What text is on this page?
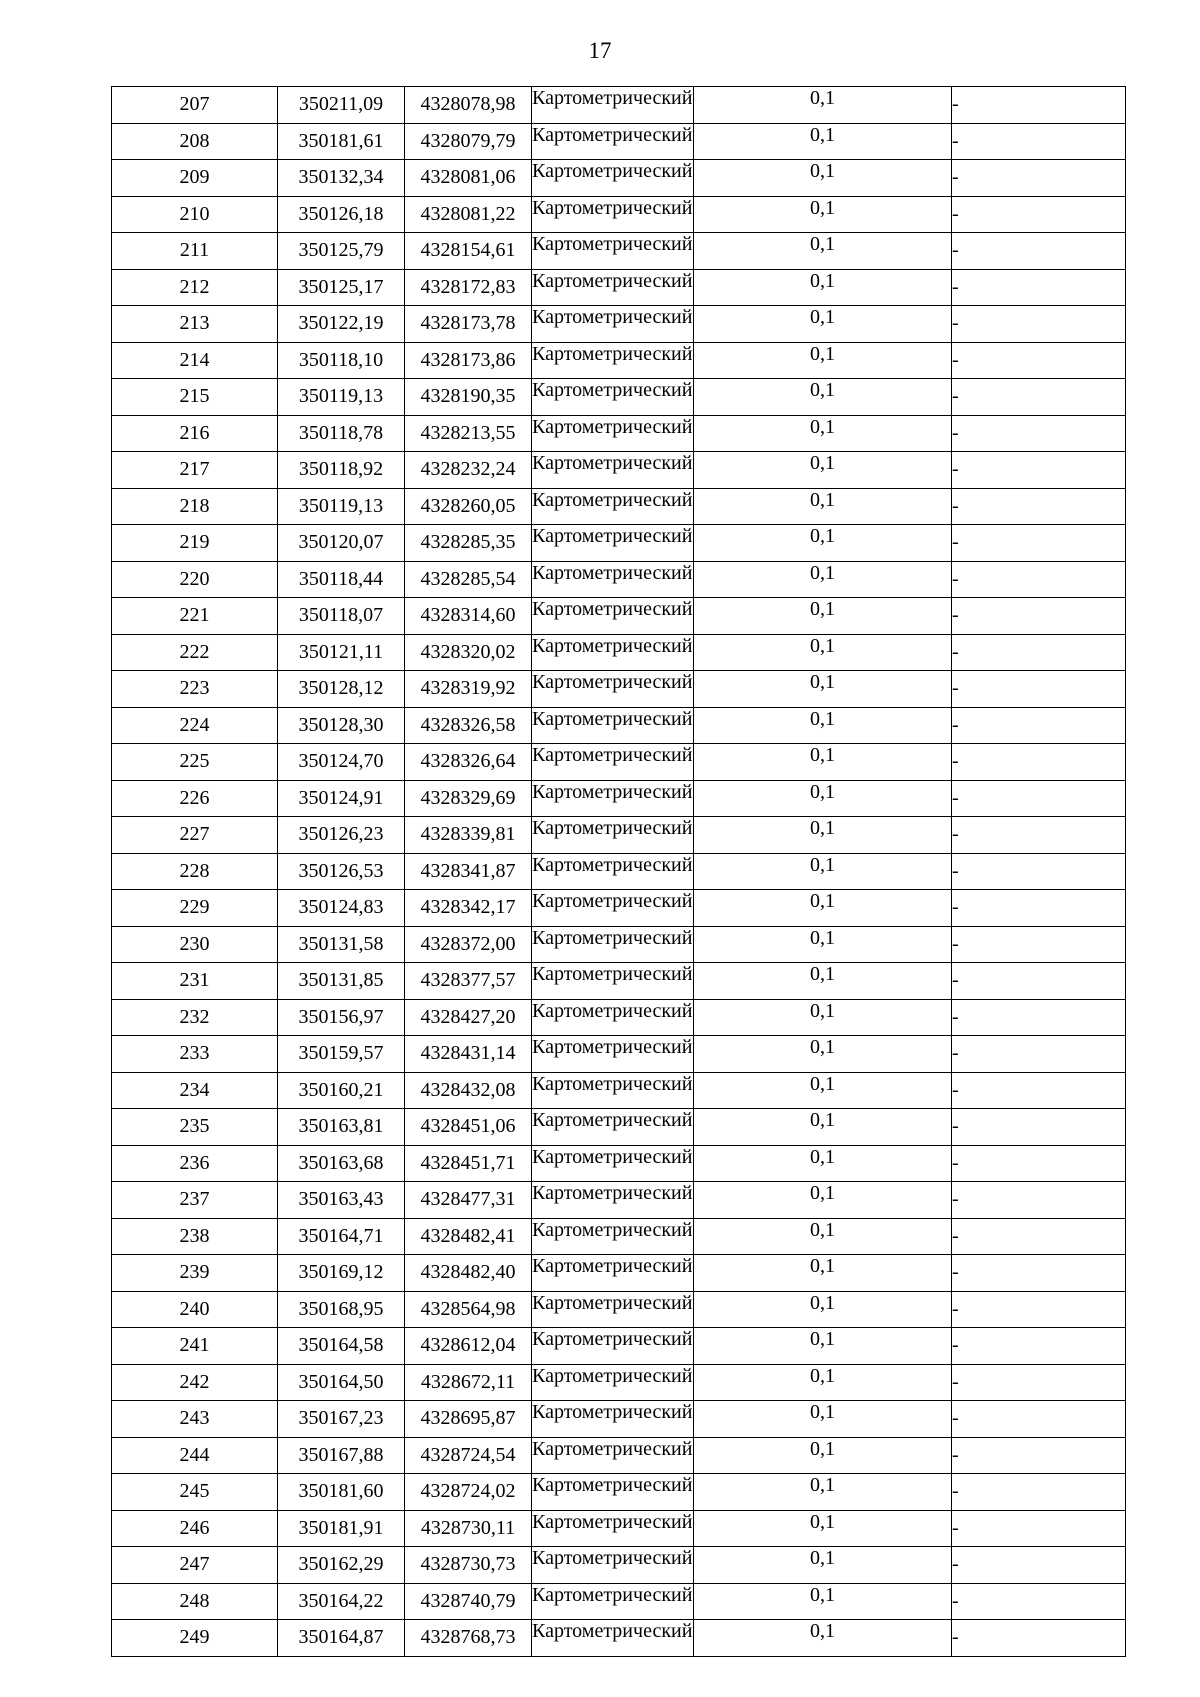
17
207	350211,09	4328078,98	Картометрический	0,1	-
208	350181,61	4328079,79	Картометрический	0,1	-
209	350132,34	4328081,06	Картометрический	0,1	-
210	350126,18	4328081,22	Картометрический	0,1	-
211	350125,79	4328154,61	Картометрический	0,1	-
212	350125,17	4328172,83	Картометрический	0,1	-
213	350122,19	4328173,78	Картометрический	0,1	-
214	350118,10	4328173,86	Картометрический	0,1	-
215	350119,13	4328190,35	Картометрический	0,1	-
216	350118,78	4328213,55	Картометрический	0,1	-
217	350118,92	4328232,24	Картометрический	0,1	-
218	350119,13	4328260,05	Картометрический	0,1	-
219	350120,07	4328285,35	Картометрический	0,1	-
220	350118,44	4328285,54	Картометрический	0,1	-
221	350118,07	4328314,60	Картометрический	0,1	-
222	350121,11	4328320,02	Картометрический	0,1	-
223	350128,12	4328319,92	Картометрический	0,1	-
224	350128,30	4328326,58	Картометрический	0,1	-
225	350124,70	4328326,64	Картометрический	0,1	-
226	350124,91	4328329,69	Картометрический	0,1	-
227	350126,23	4328339,81	Картометрический	0,1	-
228	350126,53	4328341,87	Картометрический	0,1	-
229	350124,83	4328342,17	Картометрический	0,1	-
230	350131,58	4328372,00	Картометрический	0,1	-
231	350131,85	4328377,57	Картометрический	0,1	-
232	350156,97	4328427,20	Картометрический	0,1	-
233	350159,57	4328431,14	Картометрический	0,1	-
234	350160,21	4328432,08	Картометрический	0,1	-
235	350163,81	4328451,06	Картометрический	0,1	-
236	350163,68	4328451,71	Картометрический	0,1	-
237	350163,43	4328477,31	Картометрический	0,1	-
238	350164,71	4328482,41	Картометрический	0,1	-
239	350169,12	4328482,40	Картометрический	0,1	-
240	350168,95	4328564,98	Картометрический	0,1	-
241	350164,58	4328612,04	Картометрический	0,1	-
242	350164,50	4328672,11	Картометрический	0,1	-
243	350167,23	4328695,87	Картометрический	0,1	-
244	350167,88	4328724,54	Картометрический	0,1	-
245	350181,60	4328724,02	Картометрический	0,1	-
246	350181,91	4328730,11	Картометрический	0,1	-
247	350162,29	4328730,73	Картометрический	0,1	-
248	350164,22	4328740,79	Картометрический	0,1	-
249	350164,87	4328768,73	Картометрический	0,1	-
